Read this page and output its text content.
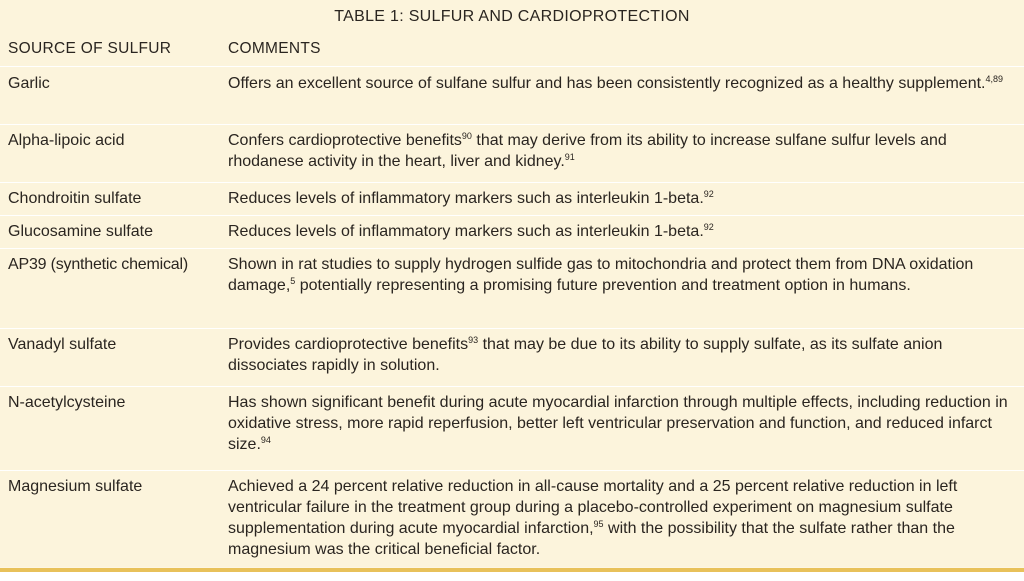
TABLE 1: SULFUR AND CARDIOPROTECTION
SOURCE OF SULFUR	COMMENTS
Garlic	Offers an excellent source of sulfane sulfur and has been consistently recognized as a healthy supplement.$^{4,89}$
Alpha-lipoic acid	Confers cardioprotective benefits$^{90}$ that may derive from its ability to increase sulfane sulfur levels and rhodanese activity in the heart, liver and kidney.$^{91}$
Chondroitin sulfate	Reduces levels of inflammatory markers such as interleukin 1-beta.$^{92}$
Glucosamine sulfate	Reduces levels of inflammatory markers such as interleukin 1-beta.$^{92}$
AP39 (synthetic chemical)	Shown in rat studies to supply hydrogen sulfide gas to mitochondria and protect them from DNA oxidation damage,$^5$ potentially representing a promising future prevention and treatment option in humans.
Vanadyl sulfate	Provides cardioprotective benefits$^{93}$ that may be due to its ability to supply sulfate, as its sulfate anion dissociates rapidly in solution.
N-acetylcysteine	Has shown significant benefit during acute myocardial infarction through multiple effects, including reduction in oxidative stress, more rapid reperfusion, better left ventricular preservation and function, and reduced infarct size.$^{94}$
Magnesium sulfate	Achieved a 24 percent relative reduction in all-cause mortality and a 25 percent relative reduction in left ventricular failure in the treatment group during a placebo-controlled experiment on magnesium sulfate supplementation during acute myocardial infarction,$^{95}$ with the possibility that the sulfate rather than the magnesium was the critical beneficial factor.
